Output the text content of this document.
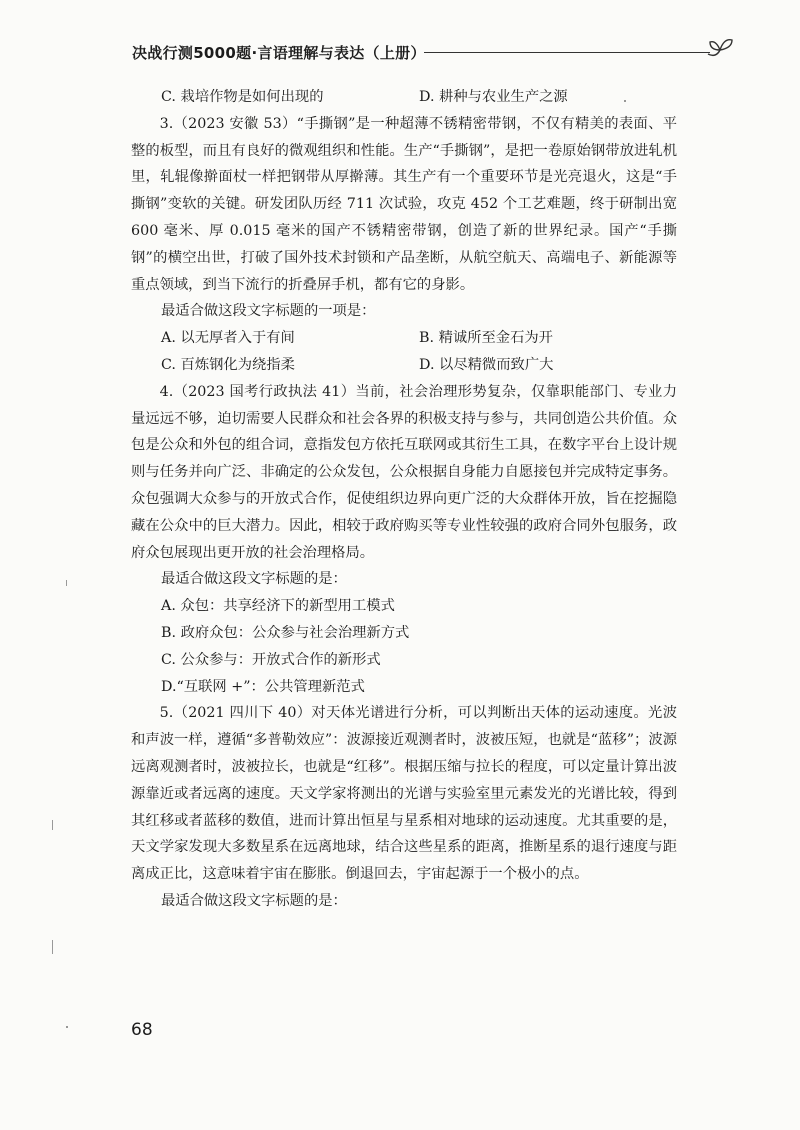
决战行测5000题·言语理解与表达（上册）
C. 栽培作物是如何出现的	D. 耕种与农业生产之源

3.（2023 安徽 53）“手撕钢”是一种超薄不锈精密带钢，不仅有精美的表面、平整的板型，而且有良好的微观组织和性能。生产“手撕钢”，是把一卷原始钢带放进轧机里，轧辊像擀面杖一样把钢带从厚擀薄。其生产有一个重要环节是光亮退火，这是“手撕钢”变软的关键。研发团队历经 711 次试验，攻克 452 个工艺难题，终于研制出宽 600 毫米、厚 0.015 毫米的国产不锈精密带钢，创造了新的世界纪录。国产“手撕钢”的横空出世，打破了国外技术封锁和产品垄断，从航空航天、高端电子、新能源等重点领域，到当下流行的折叠屏手机，都有它的身影。

最适合做这段文字标题的一项是：

A. 以无厚者入于有间	B. 精诚所至金石为开
C. 百炼钢化为绕指柔	D. 以尽精微而致广大

4.（2023 国考行政执法 41）当前，社会治理形势复杂，仅靠职能部门、专业力量远远不够，迫切需要人民群众和社会各界的积极支持与参与，共同创造公共价值。众包是公众和外包的组合词，意指发包方依托互联网或其衍生工具，在数字平台上设计规则与任务并向广泛、非确定的公众发包，公众根据自身能力自愿接包并完成特定事务。众包强调大众参与的开放式合作，促使组织边界向更广泛的大众群体开放，旨在挖掘隐藏在公众中的巨大潜力。因此，相较于政府购买等专业性较强的政府合同外包服务，政府众包展现出更开放的社会治理格局。

最适合做这段文字标题的是：

A. 众包：共享经济下的新型用工模式

B. 政府众包：公众参与社会治理新方式

C. 公众参与：开放式合作的新形式

D.“互联网 +”：公共管理新范式

5.（2021 四川下 40）对天体光谱进行分析，可以判断出天体的运动速度。光波和声波一样，遵循“多普勒效应”：波源接近观测者时，波被压短，也就是“蓝移”；波源远离观测者时，波被拉长，也就是“红移”。根据压缩与拉长的程度，可以定量计算出波源靠近或者远离的速度。天文学家将测出的光谱与实验室里元素发光的光谱比较，得到其红移或者蓝移的数值，进而计算出恒星与星系相对地球的运动速度。尤其重要的是，天文学家发现大多数星系在远离地球，结合这些星系的距离，推断星系的退行速度与距离成正比，这意味着宇宙在膨胀。倒退回去，宇宙起源于一个极小的点。

最适合做这段文字标题的是：

68
